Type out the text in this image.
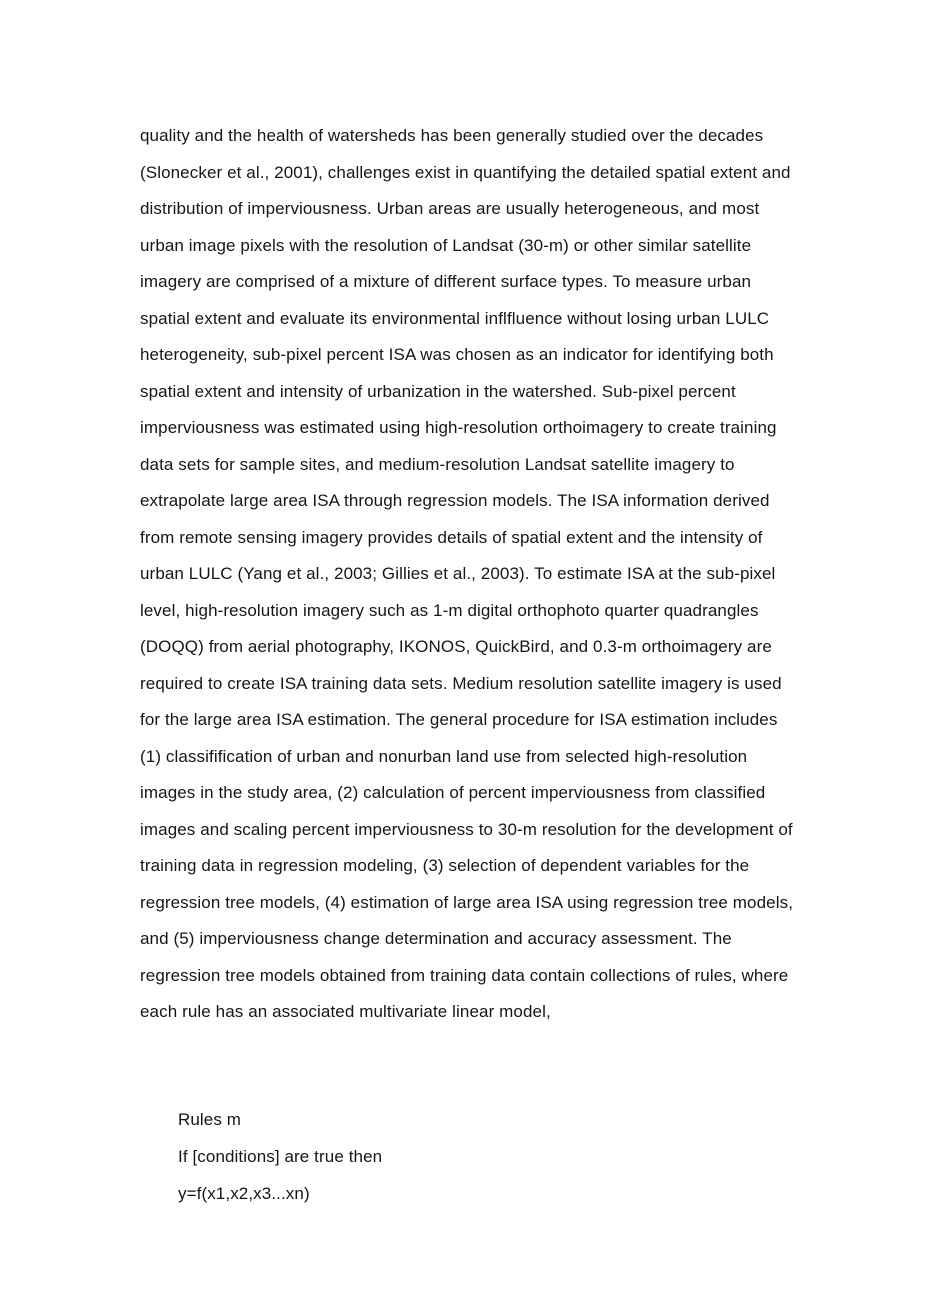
quality and the health of watersheds has been generally studied over the decades
(Slonecker et al., 2001), challenges exist in quantifying the detailed spatial extent and
distribution of imperviousness. Urban areas are usually heterogeneous, and most
urban image pixels with the resolution of Landsat (30-m) or other similar satellite
imagery are comprised of a mixture of different surface types. To measure urban
spatial extent and evaluate its environmental inflfluence without losing urban LULC
heterogeneity, sub-pixel percent ISA was chosen as an indicator for identifying both
spatial extent and intensity of urbanization in the watershed. Sub-pixel percent
imperviousness was estimated using high-resolution orthoimagery to create training
data sets for sample sites, and medium-resolution Landsat satellite imagery to
extrapolate large area ISA through regression models. The ISA information derived
from remote sensing imagery provides details of spatial extent and the intensity of
urban LULC (Yang et al., 2003; Gillies et al., 2003). To estimate ISA at the sub-pixel
level, high-resolution imagery such as 1-m digital orthophoto quarter quadrangles
(DOQQ) from aerial photography, IKONOS, QuickBird, and 0.3-m orthoimagery are
required to create ISA training data sets. Medium resolution satellite imagery is used
for the large area ISA estimation. The general procedure for ISA estimation includes
(1) classifification of urban and nonurban land use from selected high-resolution
images in the study area, (2) calculation of percent imperviousness from classified
images and scaling percent imperviousness to 30-m resolution for the development of
training data in regression modeling, (3) selection of dependent variables for the
regression tree models, (4) estimation of large area ISA using regression tree models,
and (5) imperviousness change determination and accuracy assessment. The
regression tree models obtained from training data contain collections of rules, where
each rule has an associated multivariate linear model,
Rules m
If [conditions] are true then
y=f(x1,x2,x3...xn)
